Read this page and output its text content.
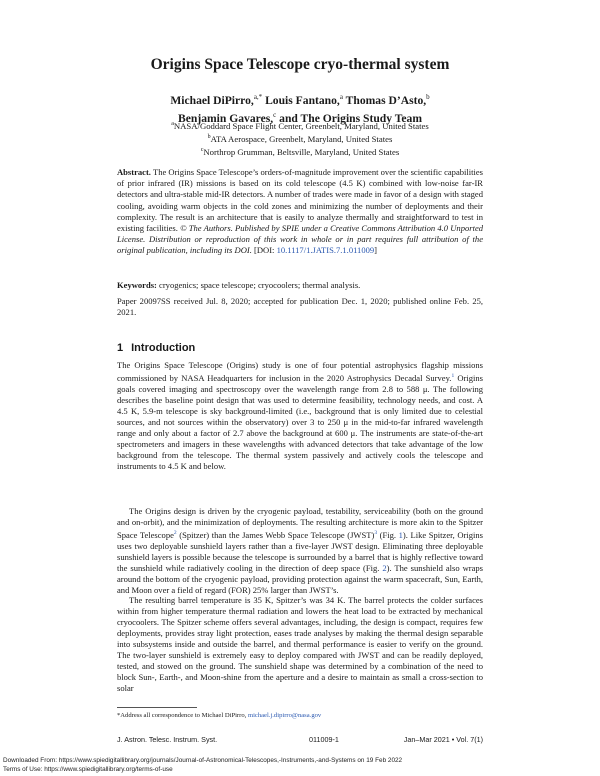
Origins Space Telescope cryo-thermal system
Michael DiPirro,$^{a,*}$ Louis Fantano,$^a$ Thomas D’Asto,$^b$
Benjamin Gavares,$^c$ and The Origins Study Team
$^a$NASA/Goddard Space Flight Center, Greenbelt, Maryland, United States
$^b$ATA Aerospace, Greenbelt, Maryland, United States
$^c$Northrop Grumman, Beltsville, Maryland, United States
Abstract. The Origins Space Telescope’s orders-of-magnitude improvement over the scientific capabilities of prior infrared (IR) missions is based on its cold telescope (4.5 K) combined with low-noise far-IR detectors and ultra-stable mid-IR detectors. A number of trades were made in favor of a design with staged cooling, avoiding warm objects in the cold zones and minimizing the number of deployments and their complexity. The result is an architecture that is easily to analyze thermally and straightforward to test in existing facilities. © The Authors. Published by SPIE under a Creative Commons Attribution 4.0 Unported License. Distribution or reproduction of this work in whole or in part requires full attribution of the original publication, including its DOI. [DOI: 10.1117/1.JATIS.7.1.011009]
Keywords: cryogenics; space telescope; cryocoolers; thermal analysis.
Paper 20097SS received Jul. 8, 2020; accepted for publication Dec. 1, 2020; published online Feb. 25, 2021.
1 Introduction
The Origins Space Telescope (Origins) study is one of four potential astrophysics flagship missions commissioned by NASA Headquarters for inclusion in the 2020 Astrophysics Decadal Survey.$^1$ Origins goals covered imaging and spectroscopy over the wavelength range from 2.8 to 588 μ. The following describes the baseline point design that was used to determine feasibility, technology needs, and cost. A 4.5 K, 5.9-m telescope is sky background-limited (i.e., background that is only limited due to celestial sources, and not sources within the observatory) over 3 to 250 μ in the mid-to-far infrared wavelength range and only about a factor of 2.7 above the background at 600 μ. The instruments are state-of-the-art spectrometers and imagers in these wavelengths with advanced detectors that take advantage of the low background from the telescope. The thermal system passively and actively cools the telescope and instruments to 4.5 K and below.
The Origins design is driven by the cryogenic payload, testability, serviceability (both on the ground and on-orbit), and the minimization of deployments. The resulting architecture is more akin to the Spitzer Space Telescope$^2$ (Spitzer) than the James Webb Space Telescope (JWST)$^3$ (Fig. 1). Like Spitzer, Origins uses two deployable sunshield layers rather than a five-layer JWST design. Eliminating three deployable sunshield layers is possible because the telescope is surrounded by a barrel that is highly reflective toward the sunshield while radiatively cooling in the direction of deep space (Fig. 2). The sunshield also wraps around the bottom of the cryogenic payload, providing protection against the warm spacecraft, Sun, Earth, and Moon over a field of regard (FOR) 25% larger than JWST’s.
The resulting barrel temperature is 35 K, Spitzer’s was 34 K. The barrel protects the colder surfaces within from higher temperature thermal radiation and lowers the heat load to be extracted by mechanical cryocoolers. The Spitzer scheme offers several advantages, including, the design is compact, requires few deployments, provides stray light protection, eases trade analyses by making the thermal design separable into subsystems inside and outside the barrel, and thermal performance is easier to verify on the ground. The two-layer sunshield is extremely easy to deploy compared with JWST and can be readily deployed, tested, and stowed on the ground. The sunshield shape was determined by a combination of the need to block Sun-, Earth-, and Moon-shine from the aperture and a desire to maintain as small a cross-section to solar
*Address all correspondence to Michael DiPirro, michael.j.dipirro@nasa.gov
J. Astron. Telesc. Instrum. Syst.	011009-1	Jan–Mar 2021 • Vol. 7(1)
Downloaded From: https://www.spiedigitallibrary.org/journals/Journal-of-Astronomical-Telescopes,-Instruments,-and-Systems on 19 Feb 2022
Terms of Use: https://www.spiedigitallibrary.org/terms-of-use
